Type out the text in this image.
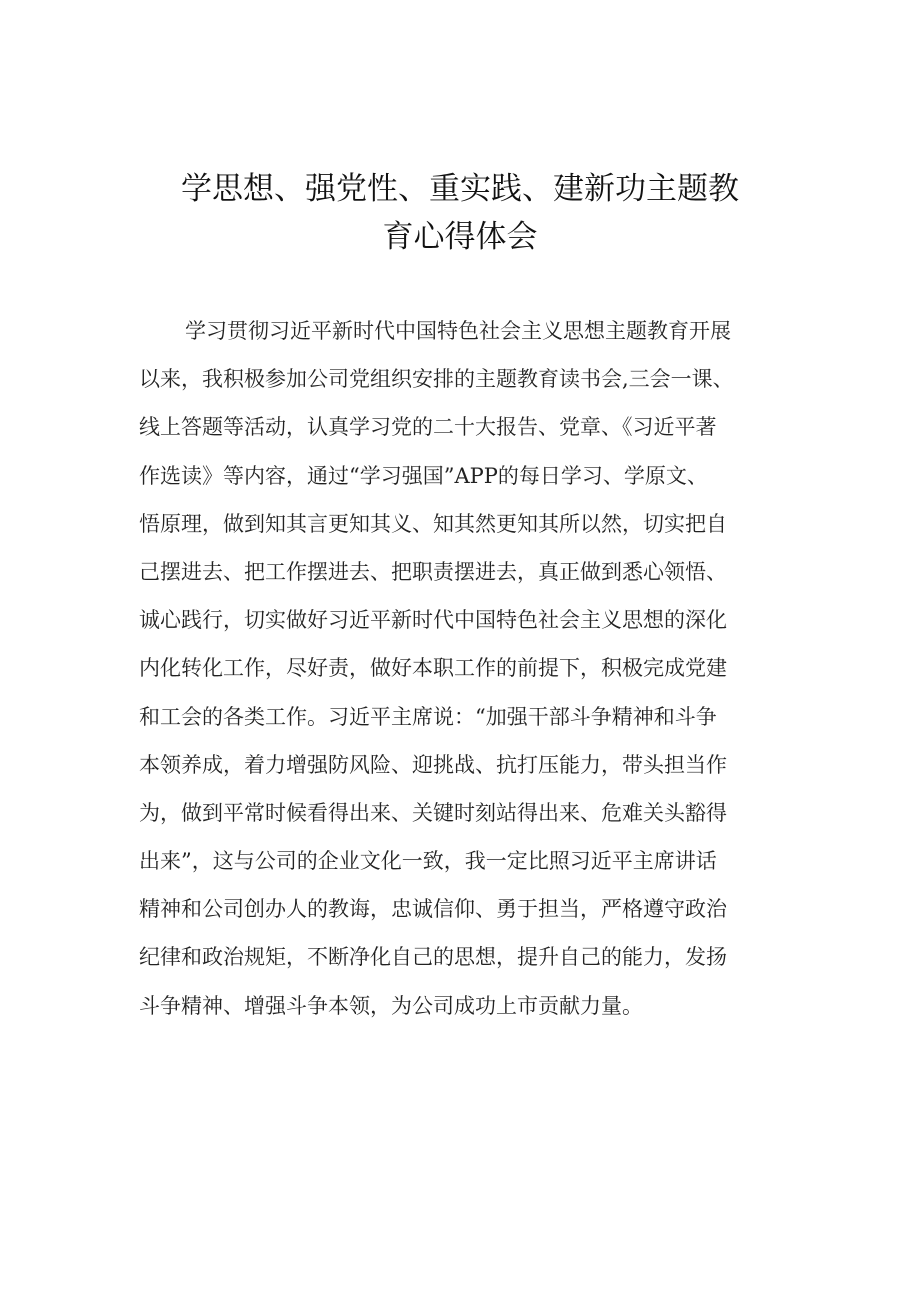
学思想、强党性、重实践、建新功主题教
育心得体会
学习贯彻习近平新时代中国特色社会主义思想主题教育开展
以来，我积极参加公司党组织安排的主题教育读书会,三会一课、
线上答题等活动，认真学习党的二十大报告、党章、《习近平著
作选读》等内容，通过“学习强国”APP的每日学习、学原文、
悟原理，做到知其言更知其义、知其然更知其所以然，切实把自
己摆进去、把工作摆进去、把职责摆进去，真正做到悉心领悟、
诚心践行，切实做好习近平新时代中国特色社会主义思想的深化
内化转化工作，尽好责，做好本职工作的前提下，积极完成党建
和工会的各类工作。习近平主席说：“加强干部斗争精神和斗争
本领养成，着力增强防风险、迎挑战、抗打压能力，带头担当作
为，做到平常时候看得出来、关键时刻站得出来、危难关头豁得
出来”，这与公司的企业文化一致，我一定比照习近平主席讲话
精神和公司创办人的教诲，忠诚信仰、勇于担当，严格遵守政治
纪律和政治规矩，不断净化自己的思想，提升自己的能力，发扬
斗争精神、增强斗争本领，为公司成功上市贡献力量。
